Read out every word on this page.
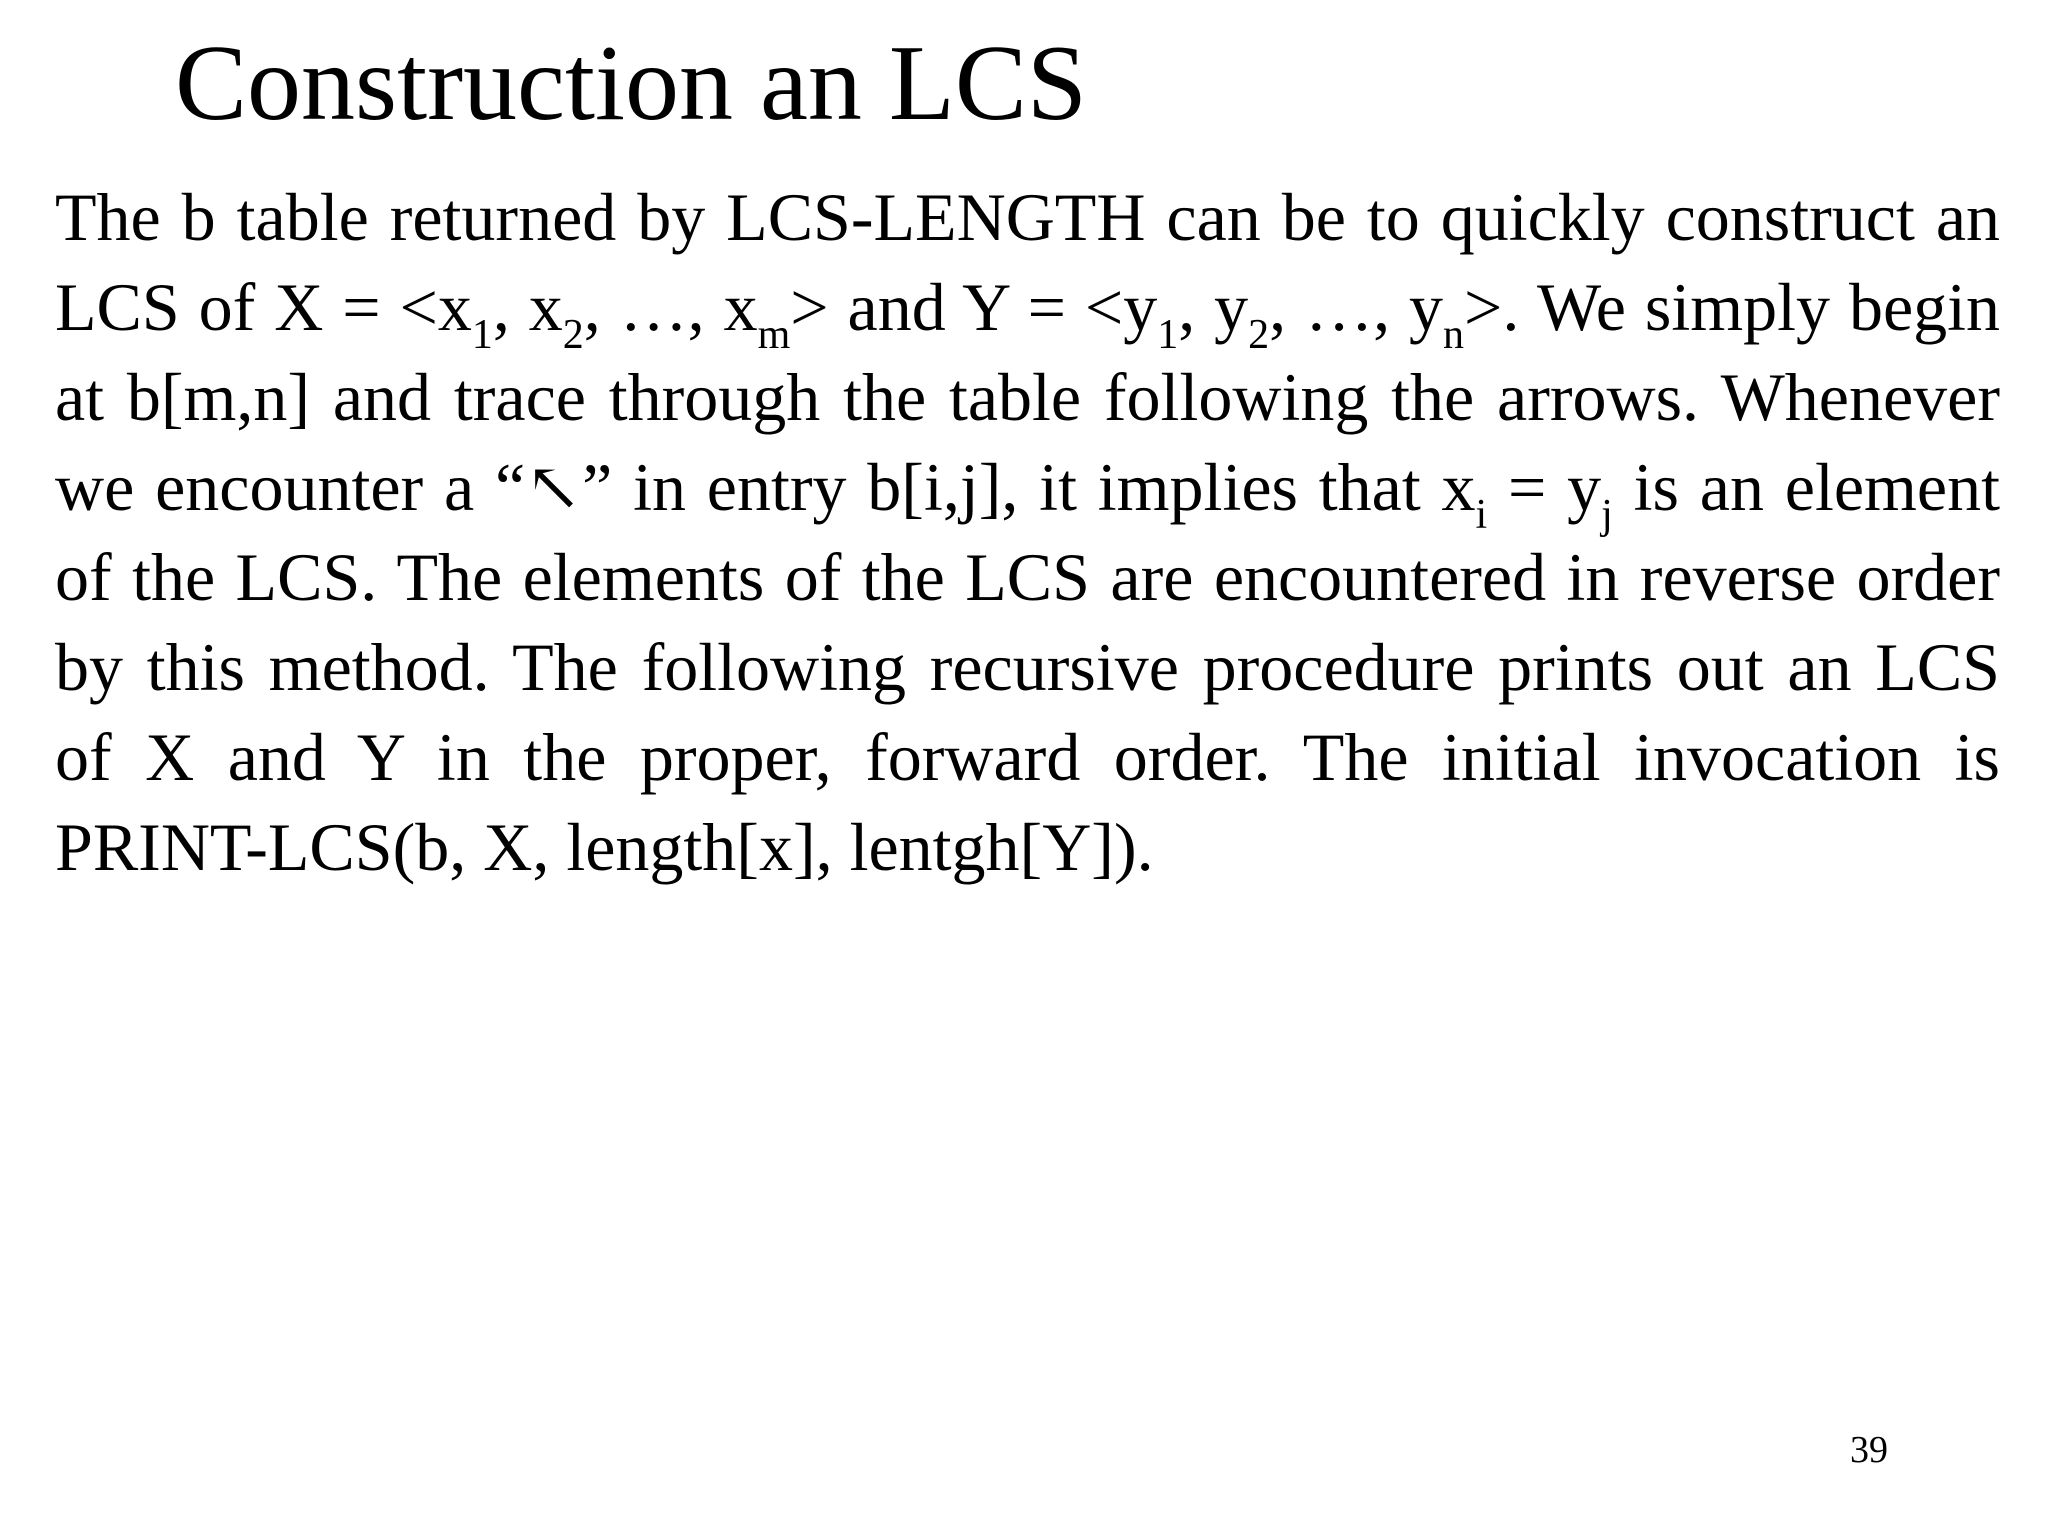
Construction an LCS
The b table returned by LCS-LENGTH can be to quickly construct an LCS of $X = <x_1$, $x_2$, …, $x_m>$ and $Y = <y_1$, $y_2$, …, $y_n>$. We simply begin at b[m,n] and trace through the table following the arrows. Whenever we encounter a “↖” in entry b[i,j], it implies that $x_i = y_j$ is an element of the LCS. The elements of the LCS are encountered in reverse order by this method. The following recursive procedure prints out an LCS of X and Y in the proper, forward order. The initial invocation is PRINT-LCS(b, X, length[x], lentgh[Y]).
39
